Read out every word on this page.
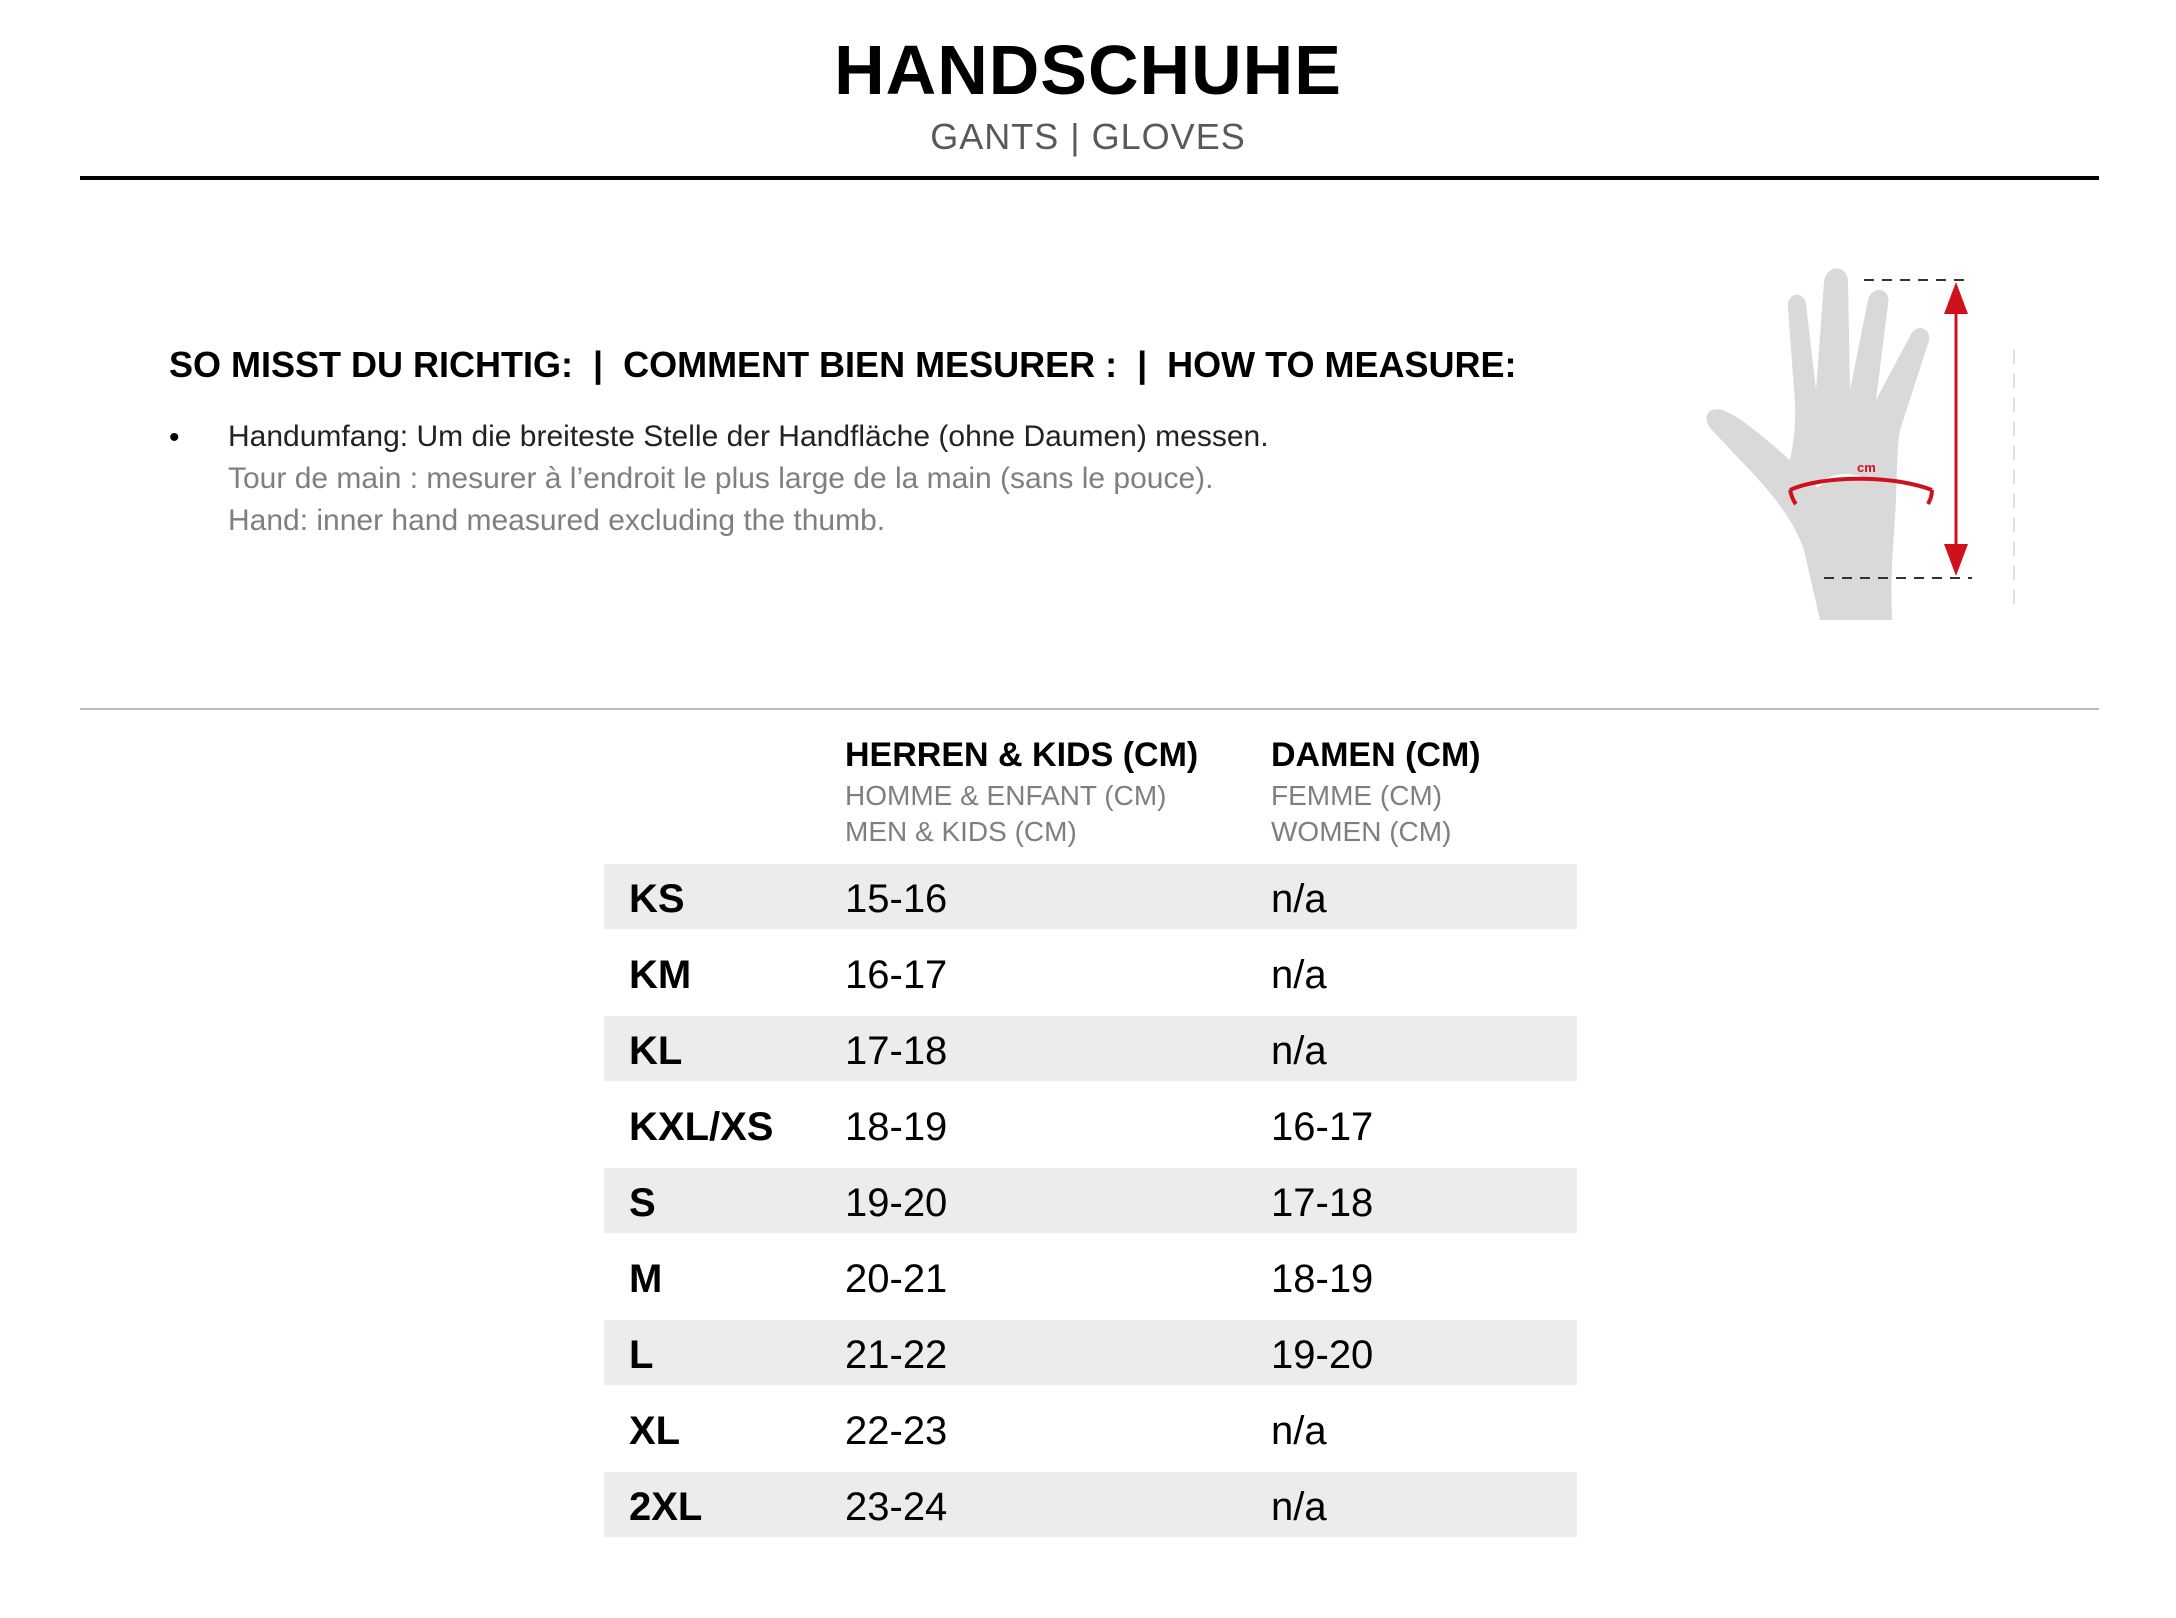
HANDSCHUHE
GANTS | GLOVES
SO MISST DU RICHTIG:  |  COMMENT BIEN MESURER :  |  HOW TO MEASURE:
• Handumfang: Um die breiteste Stelle der Handfläche (ohne Daumen) messen.
Tour de main : mesurer à l’endroit le plus large de la main (sans le pouce).
Hand: inner hand measured excluding the thumb.
cm
HERREN & KIDS (CM)
HOMME & ENFANT (CM)
MEN & KIDS (CM)
DAMEN (CM)
FEMME (CM)
WOMEN (CM)
KS	15-16	n/a
KM	16-17	n/a
KL	17-18	n/a
KXL/XS 18-19	16-17
S	19-20	17-18
M	20-21	18-19
L	21-22	19-20
XL	22-23	n/a
2XL	23-24	n/a
